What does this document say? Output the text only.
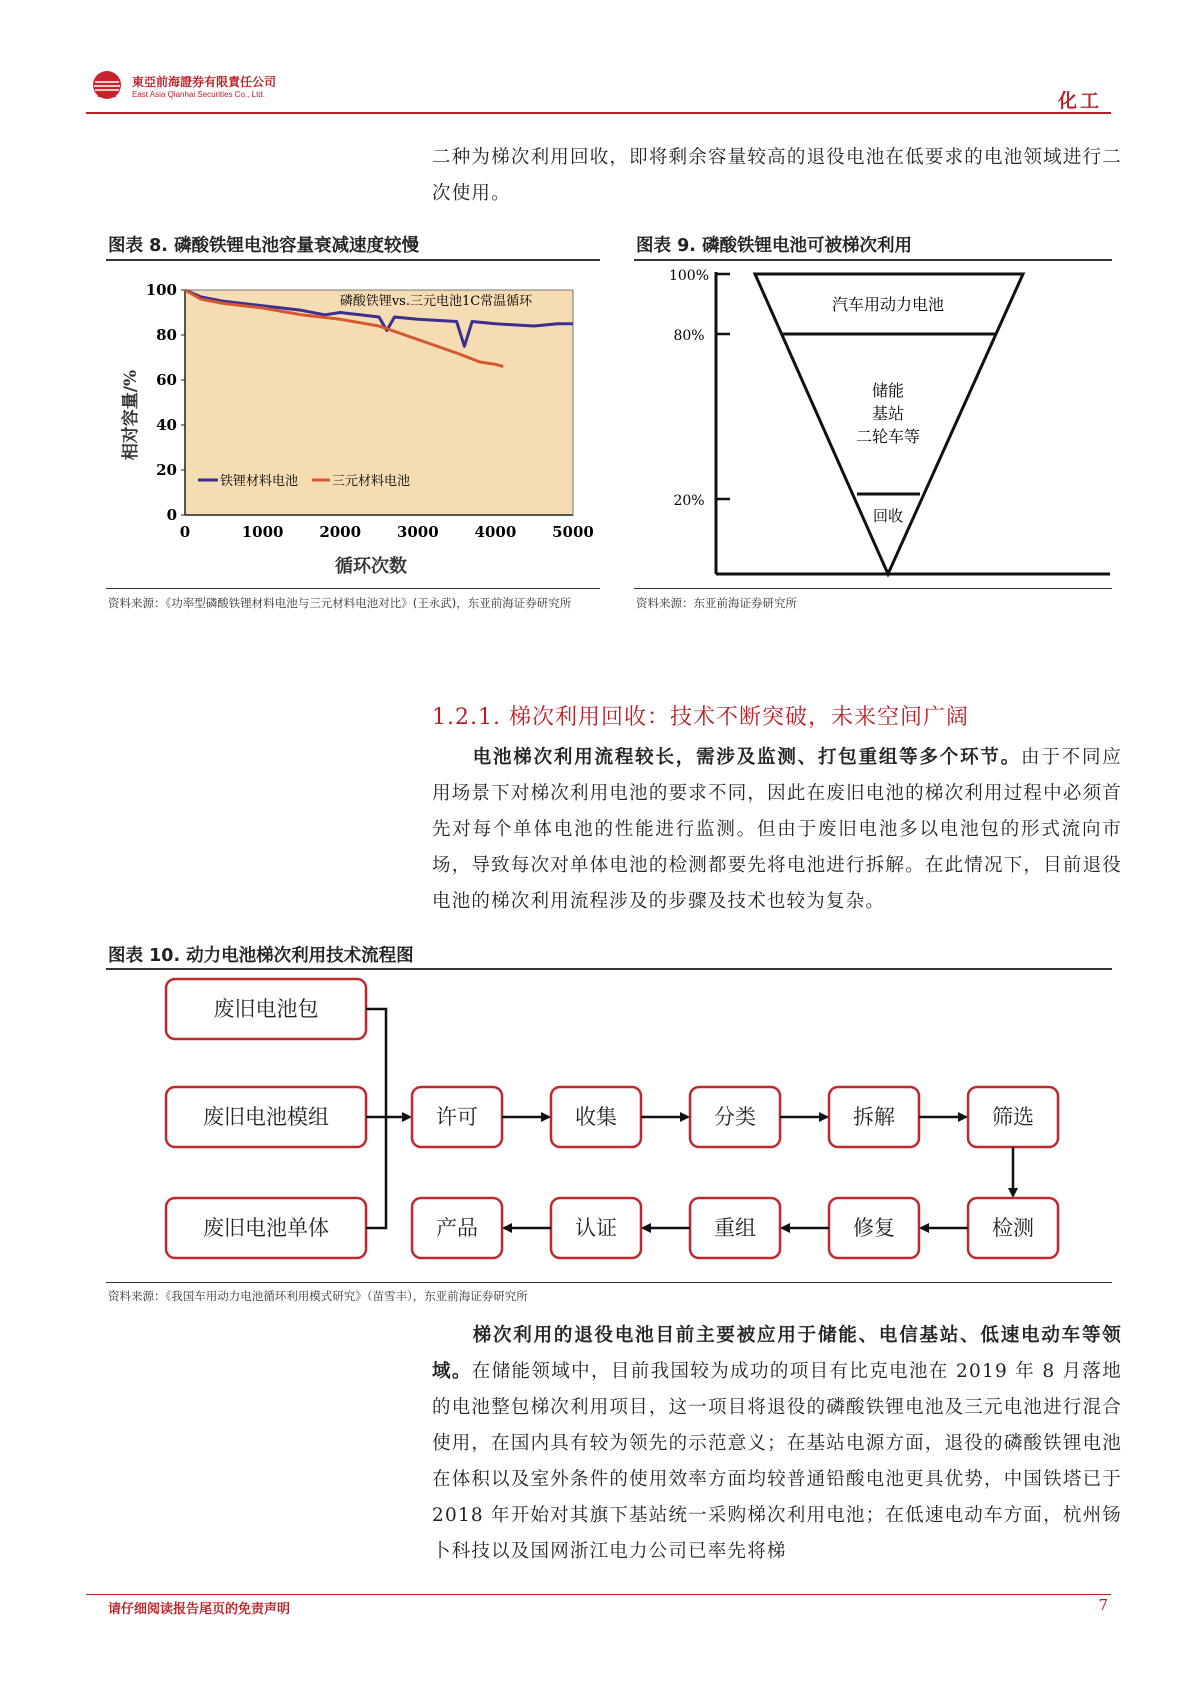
東亞前海證券有限責任公司
East Asia Qianhai Securities Co., Ltd.	化工

二种为梯次利用回收，即将剩余容量较高的退役电池在低要求的电池领域进行二次使用。

图表 8. 磷酸铁锂电池容量衰减速度较慢
0
20
40
60
80
100
0	1000 2000 3000 4000 5000
磷酸铁锂vs.三元电池1C常温循环
相对容量/%
循环次数
铁锂材料电池	三元材料电池
资料来源：《功率型磷酸铁锂材料电池与三元材料电池对比》(王永武)，东亚前海证券研究所
图表 9. 磷酸铁锂电池可被梯次利用
100%
80%
20%
汽车用动力电池
储能
基站
二轮车等
回收
资料来源：东亚前海证券研究所
1.2.1. 梯次利用回收：技术不断突破，未来空间广阔

电池梯次利用流程较长，需涉及监测、打包重组等多个环节。由于不同应用场景下对梯次利用电池的要求不同，因此在废旧电池的梯次利用过程中必须首先对每个单体电池的性能进行监测。但由于废旧电池多以电池包的形式流向市场，导致每次对单体电池的检测都要先将电池进行拆解。在此情况下，目前退役电池的梯次利用流程涉及的步骤及技术也较为复杂。

图表 10. 动力电池梯次利用技术流程图
废旧电池包
废旧电池模组
废旧电池单体
许可	收集	分类	拆解	筛选
产品	认证	重组	修复	检测
资料来源：《我国车用动力电池循环利用模式研究》（苗雪丰），东亚前海证券研究所

梯次利用的退役电池目前主要被应用于储能、电信基站、低速电动车等领域。在储能领域中，目前我国较为成功的项目有比克电池在 2019 年 8 月落地的电池整包梯次利用项目，这一项目将退役的磷酸铁锂电池及三元电池进行混合使用，在国内具有较为领先的示范意义；在基站电源方面，退役的磷酸铁锂电池在体积以及室外条件的使用效率方面均较普通铅酸电池更具优势，中国铁塔已于 2018 年开始对其旗下基站统一采购梯次利用电池；在低速电动车方面，杭州钖卜科技以及国网浙江电力公司已率先将梯

请仔细阅读报告尾页的免责声明	7
